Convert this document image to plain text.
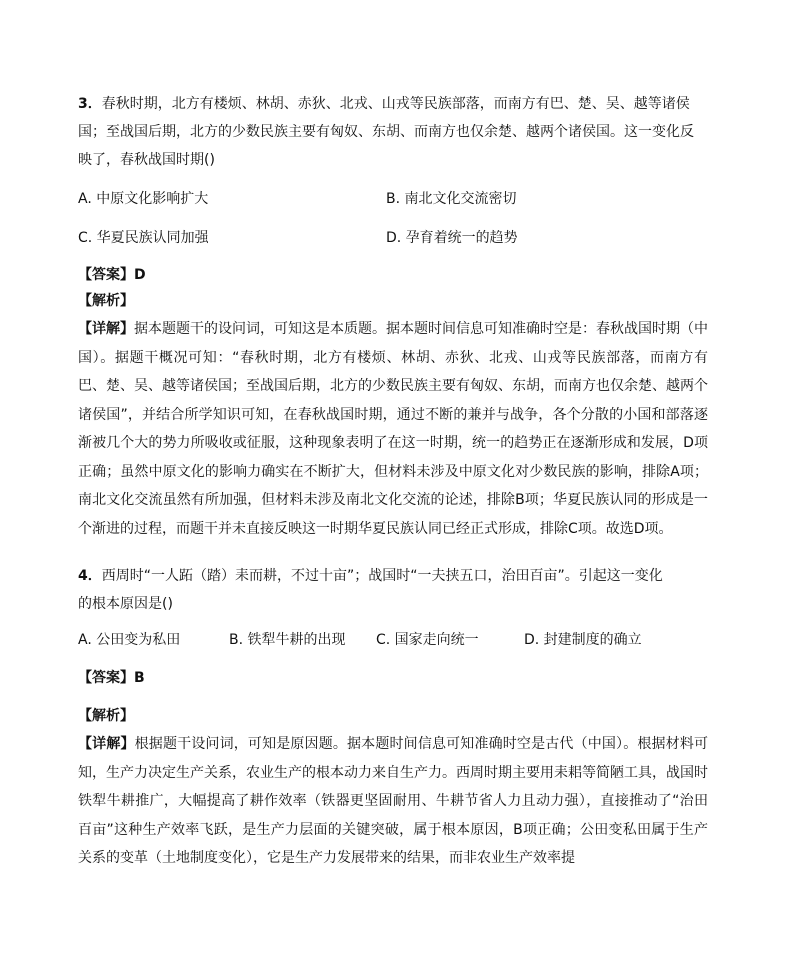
3．春秋时期，北方有楼烦、林胡、赤狄、北戎、山戎等民族部落，而南方有巴、楚、吴、越等诸侯国；至战国后期，北方的少数民族主要有匈奴、东胡、而南方也仅余楚、越两个诸侯国。这一变化反映了，春秋战国时期()
A. 中原文化影响扩大	B. 南北文化交流密切
C. 华夏民族认同加强	D. 孕育着统一的趋势
【答案】D
【解析】
【详解】据本题题干的设问词，可知这是本质题。据本题时间信息可知准确时空是：春秋战国时期（中国）。据题干概况可知：“春秋时期，北方有楼烦、林胡、赤狄、北戎、山戎等民族部落，而南方有巴、楚、吴、越等诸侯国；至战国后期，北方的少数民族主要有匈奴、东胡，而南方也仅余楚、越两个诸侯国”，并结合所学知识可知，在春秋战国时期，通过不断的兼并与战争，各个分散的小国和部落逐渐被几个大的势力所吸收或征服，这种现象表明了在这一时期，统一的趋势正在逐渐形成和发展，D项正确；虽然中原文化的影响力确实在不断扩大，但材料未涉及中原文化对少数民族的影响，排除A项；南北文化交流虽然有所加强，但材料未涉及南北文化交流的论述，排除B项；华夏民族认同的形成是一个渐进的过程，而题干并未直接反映这一时期华夏民族认同已经正式形成，排除C项。故选D项。
4．西周时“一人跖（踏）耒而耕，不过十亩”；战国时“一夫挟五口，治田百亩”。引起这一变化的根本原因是()
A. 公田变为私田	B. 铁犁牛耕的出现 C. 国家走向统一	D. 封建制度的确立
【答案】B
【解析】
【详解】根据题干设问词，可知是原因题。据本题时间信息可知准确时空是古代（中国）。根据材料可知，生产力决定生产关系，农业生产的根本动力来自生产力。西周时期主要用耒耜等简陋工具，战国时铁犁牛耕推广，大幅提高了耕作效率（铁器更坚固耐用、牛耕节省人力且动力强），直接推动了“治田百亩”这种生产效率飞跃，是生产力层面的关键突破，属于根本原因，B项正确；公田变私田属于生产关系的变革（土地制度变化），它是生产力发展带来的结果，而非农业生产效率提
